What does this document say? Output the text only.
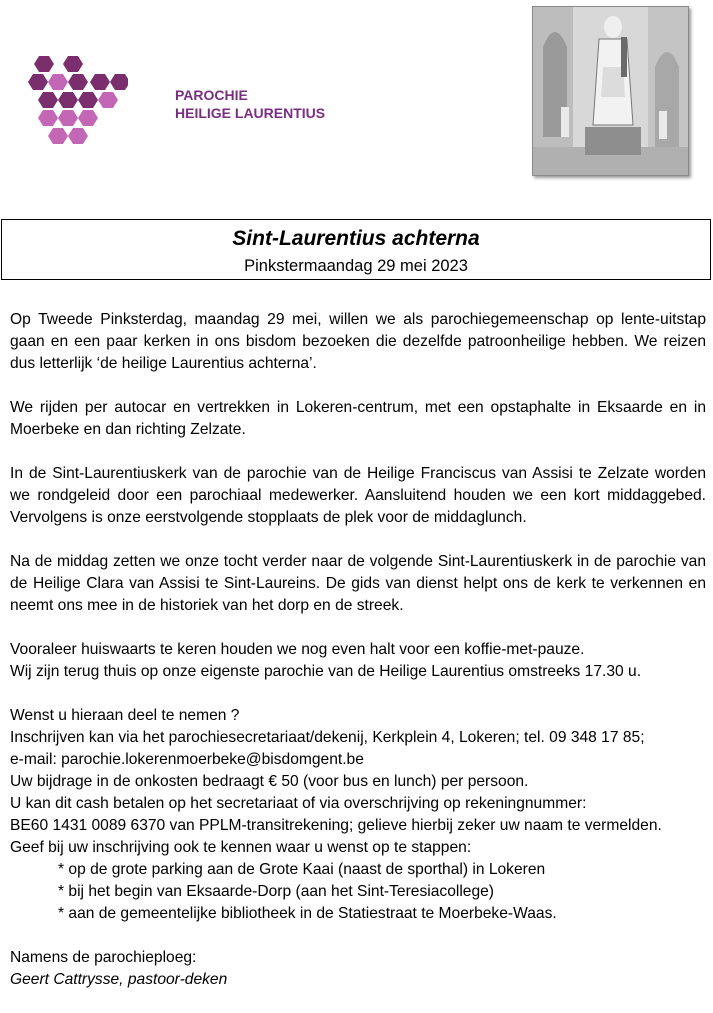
PAROCHIE
HEILIGE LAURENTIUS
Sint-Laurentius achterna
Pinkstermaandag 29 mei 2023

Op Tweede Pinksterdag, maandag 29 mei, willen we als parochiegemeenschap op lente-uitstap gaan en een paar kerken in ons bisdom bezoeken die dezelfde patroonheilige hebben. We reizen dus letterlijk ‘de heilige Laurentius achterna’.

We rijden per autocar en vertrekken in Lokeren-centrum, met een opstaphalte in Eksaarde en in Moerbeke en dan richting Zelzate.

In de Sint-Laurentiuskerk van de parochie van de Heilige Franciscus van Assisi te Zelzate worden we rondgeleid door een parochiaal medewerker. Aansluitend houden we een kort middaggebed. Vervolgens is onze eerstvolgende stopplaats de plek voor de middaglunch.

Na de middag zetten we onze tocht verder naar de volgende Sint-Laurentiuskerk in de parochie van de Heilige Clara van Assisi te Sint-Laureins. De gids van dienst helpt ons de kerk te verkennen en neemt ons mee in de historiek van het dorp en de streek.

Vooraleer huiswaarts te keren houden we nog even halt voor een koffie-met-pauze.
Wij zijn terug thuis op onze eigenste parochie van de Heilige Laurentius omstreeks 17.30 u.
Wenst u hieraan deel te nemen ?
Inschrijven kan via het parochiesecretariaat/dekenij, Kerkplein 4, Lokeren; tel. 09 348 17 85;
e-mail: parochie.lokerenmoerbeke@bisdomgent.be
Uw bijdrage in de onkosten bedraagt € 50 (voor bus en lunch) per persoon.
U kan dit cash betalen op het secretariaat of via overschrijving op rekeningnummer:
BE60 1431 0089 6370 van PPLM-transitrekening; gelieve hierbij zeker uw naam te vermelden.
Geef bij uw inschrijving ook te kennen waar u wenst op te stappen:
* op de grote parking aan de Grote Kaai (naast de sporthal) in Lokeren
* bij het begin van Eksaarde-Dorp (aan het Sint-Teresiacollege)
* aan de gemeentelijke bibliotheek in de Statiestraat te Moerbeke-Waas.
Namens de parochieploeg:
Geert Cattrysse, pastoor-deken
